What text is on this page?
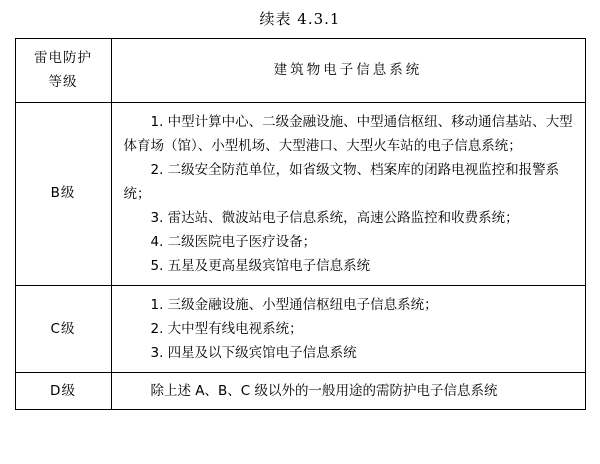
续表 4.3.1
雷电防护
等级	建筑物电子信息系统
B级	1. 中型计算中心、二级金融设施、中型通信枢纽、移动通信基站、大型体育场（馆）、小型机场、大型港口、大型火车站的电子信息系统；

2. 二级安全防范单位，如省级文物、档案库的闭路电视监控和报警系统；

3. 雷达站、微波站电子信息系统，高速公路监控和收费系统；

4. 二级医院电子医疗设备；

5. 五星及更高星级宾馆电子信息系统

C级	1. 三级金融设施、小型通信枢纽电子信息系统；

2. 大中型有线电视系统；

3. 四星及以下级宾馆电子信息系统

D级	除上述 A、B、C 级以外的一般用途的需防护电子信息系统
